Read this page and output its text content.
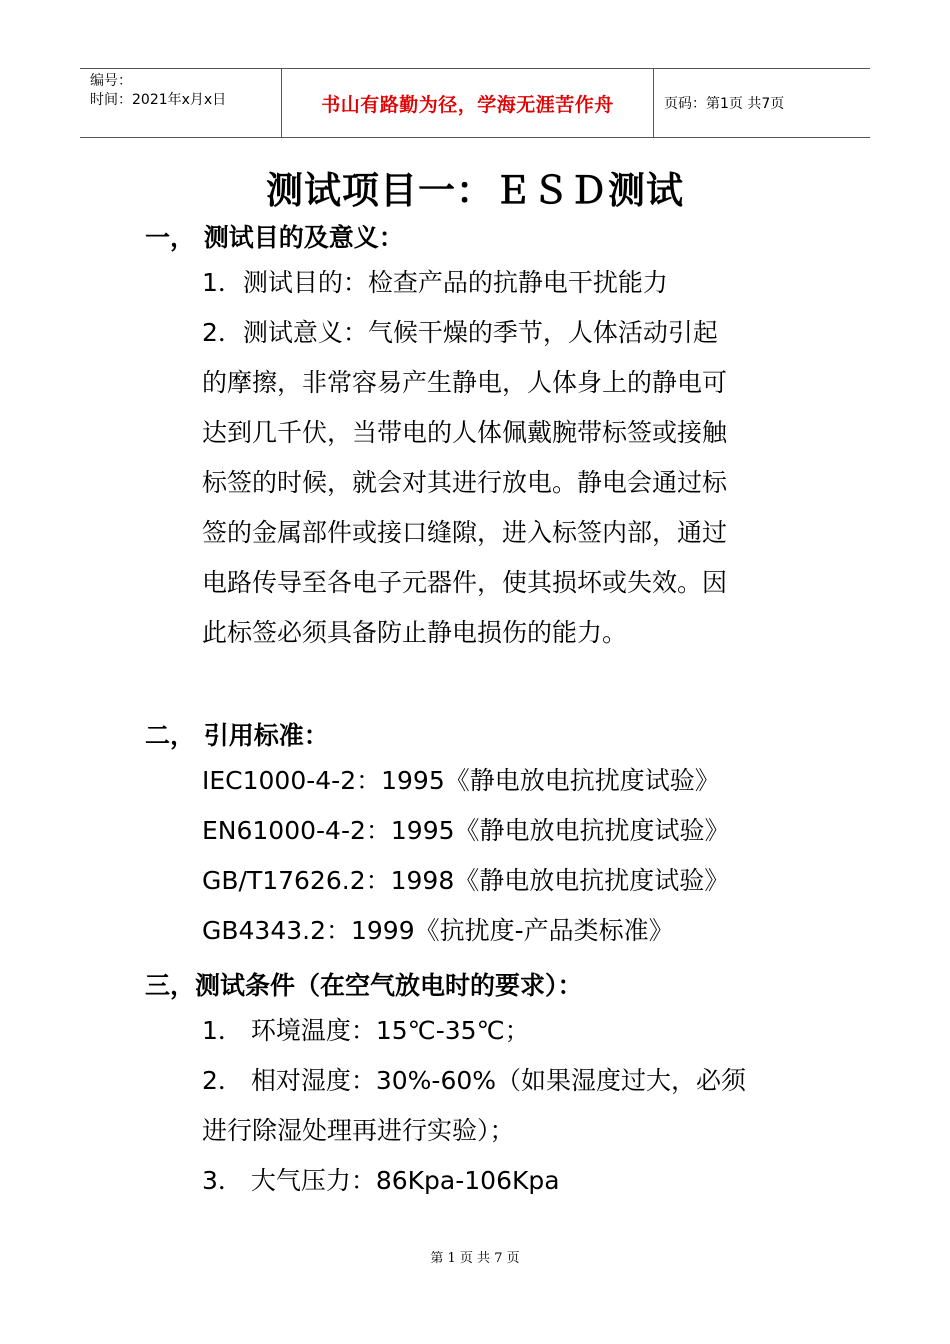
编号：
时间：2021年x月x日	书山有路勤为径，学海无涯苦作舟	页码：第1页 共7页
测试项目一：ＥＳＤ测试
一， 测试目的及意义：
1．测试目的：检查产品的抗静电干扰能力
2．测试意义：气候干燥的季节，人体活动引起
的摩擦，非常容易产生静电，人体身上的静电可
达到几千伏，当带电的人体佩戴腕带标签或接触
标签的时候，就会对其进行放电。静电会通过标
签的金属部件或接口缝隙，进入标签内部，通过
电路传导至各电子元器件，使其损坏或失效。因
此标签必须具备防止静电损伤的能力。
二， 引用标准：
IEC1000-4-2：1995《静电放电抗扰度试验》
EN61000-4-2：1995《静电放电抗扰度试验》
GB/T17626.2：1998《静电放电抗扰度试验》
GB4343.2：1999《抗扰度-产品类标准》
三，测试条件（在空气放电时的要求）：
1． 环境温度：15℃-35℃；
2． 相对湿度：30%-60%（如果湿度过大，必须
进行除湿处理再进行实验）；
3． 大气压力：86Kpa-106Kpa
第 1 页 共 7 页
